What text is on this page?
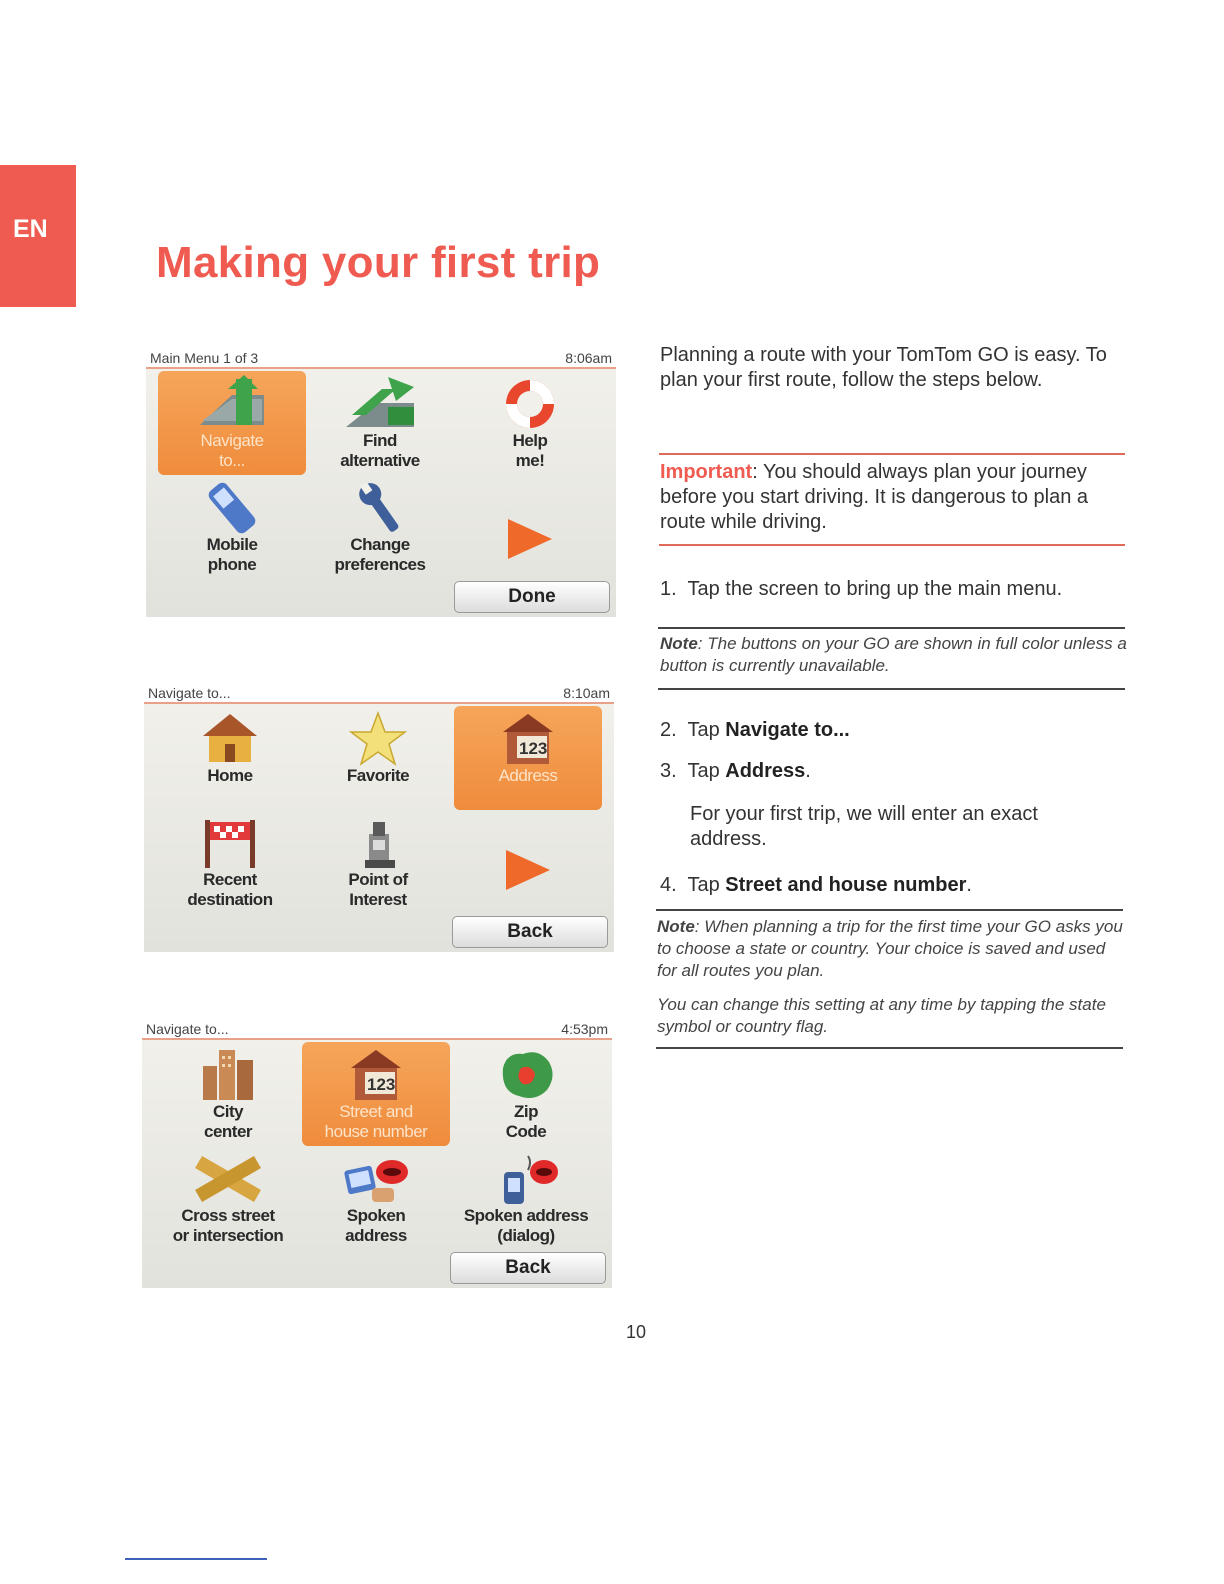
EN
Making your first trip
Main Menu 1 of 3	8:06am
Navigate
to...
Find
alternative
Help
me!
Mobile
phone
Change
preferences
Done
Navigate to...	8:10am
Home	Favorite
123
Address
Recent
destination
Point of
Interest
Back
Navigate to...	4:53pm
City
center
123
Street and
house number
Zip
Code
Cross street
or intersection
Spoken
address
Spoken address
(dialog)
Back

Planning a route with your TomTom GO is easy. To plan your first route, follow the steps below.

Important: You should always plan your journey before you start driving. It is dangerous to plan a route while driving.

1. Tap the screen to bring up the main menu.

Note: The buttons on your GO are shown in full color unless a button is currently unavailable.

2. Tap Navigate to...

3. Tap Address.

For your first trip, we will enter an exact address.

4. Tap Street and house number.

Note: When planning a trip for the first time your GO asks you to choose a state or country. Your choice is saved and used for all routes you plan.

You can change this setting at any time by tapping the state symbol or country flag.

10
